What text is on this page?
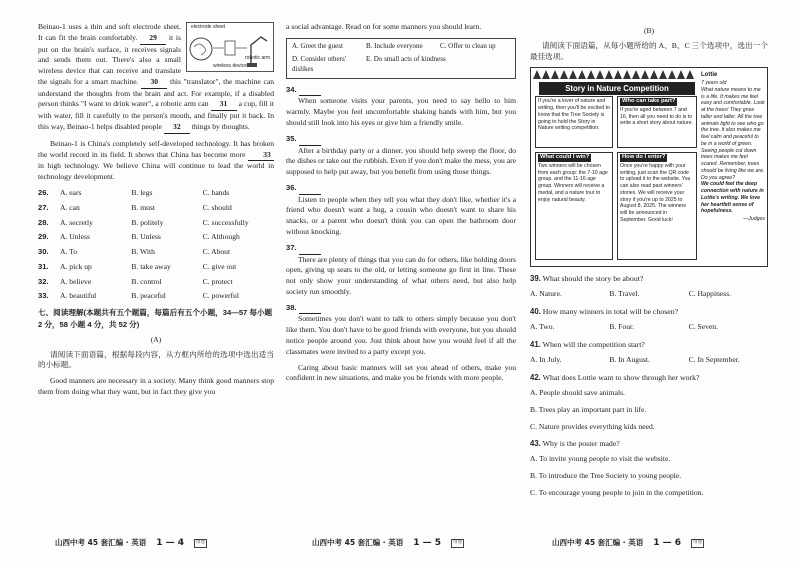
electrode sheet
wireless device
robotic arm

Beinao-1 uses a thin and soft electrode sheet. It can fit the brain comfortably. 29 it is put on the brain's surface, it receives signals and sends them out. There's also a small wireless device that can receive and translate the signals for a smart machine. 30 this "translator", the machine can understand the thoughts from the brain and act. For example, if a disabled person thinks "I want to drink water", a robotic arm can 31 a cup, fill it with water, fill it carefully to the person's mouth, and finally put it back. In this way, Beinao-1 helps disabled people 32 things by thoughts.

Beinao-1 is China's completely self-developed technology. It has broken the world record in its field. It shows that China has become more 33 in high technology. We believe China will continue to lead the world in technology development.

26.	A. ears	B. legs	C. hands
27.	A. can	B. must	C. should
28.	A. secretly	B. politely	C. successfully
29.	A. Unless	B. Unless	C. Although
30.	A. To	B. With	C. About
31.	A. pick up	B. take away	C. give out
32.	A. believe	B. control	C. protect
33.	A. beautiful	B. peaceful	C. powerful
七、阅读理解(本题共有五个题篇，每篇后有五个小题，34—57 每小题 2 分，58 小题 4 分，共 52 分)
(A)

请阅读下面语篇，根据每段内容，从方框内所给的选项中选出适当的小标题。

Good manners are necessary in a society. Many think good manners stop them from doing what they want, but in fact they give you

a social advantage. Read on for some manners you should learn.

A. Greet the guest	B. Include everyone	C. Offer to clean up
D. Consider others' dislikes
E. Do small acts of kindness
34.

When someone visits your parents, you need to say hello to him warmly. Maybe you feel uncomfortable shaking hands with him, but you should still look into his eyes or give him a friendly smile.

35.

After a birthday party or a dinner, you should help sweep the floor, do the dishes or take out the rubbish. Even if you don't make the mess, you are supposed to help put away, but you benefit from using those things.

36.

Listen to people when they tell you what they don't like, whether it's a friend who doesn't want a hug, a cousin who doesn't want to share his snacks, or a parent who doesn't think you can open the bathroom door without knocking.

37.

There are plenty of things that you can do for others, like holding doors open, giving up seats to the old, or letting someone go first in line. These not only show your understanding of what others need, but also help society run smoothly.

38.

Sometimes you don't want to talk to others simply because you don't like them. You don't have to be good friends with everyone, but you should notice people around you. Just think about how you would feel if all the classmates were invited to a party except you.

Caring about basic manners will set you ahead of others, make you confident in new situations, and make you be friends with more people.

(B)

请阅读下面语篇，从每小题所给的 A、B、C 三个选项中，选出一个最佳选项。

Story in Nature Competition
If you're a lover of nature and writing, then you'll be excited to know that the Tree Society is going to hold the Story in Nature writing competition.
Who can take part?
If you're aged between 7 and 16, then all you need to do is to write a short story about nature.
What could I win?
Two winners will be chosen from each group: the 7-10 age group, and the 11-16 age group. Winners will receive a medal, and a nature tour to enjoy natural beauty.
How do I enter?
Once you're happy with your writing, just scan the QR code to upload it to the website. You can also read past winners' stories. We will receive your story if you're up to 2025 to August 8, 2025. The winners will be announced in September. Good luck!
Lottie
7 years old
What nature means to me is a life. It makes me feel easy and comfortable. Look at the trees! They grow taller and taller. All the tree animals light to see who go the tree. It also makes me feel calm and peaceful to be in a world of green. Seeing people cut down trees makes me feel scared. Remember, trees should be living like we are. Do you agree?
We could feel the deep connection with nature in Lottie's writing. We love her heartfelt sense of hopefulness.
—Judges
39. What should the story be about?
A. Nature.	B. Travel.	C. Happiness.
40. How many winners in total will be chosen?
A. Two.	B. Four.	C. Seven.
41. When will the competition start?
A. In July.	B. In August.	C. In September.
42. What does Lottie want to show through her work?
A. People should save animals.
B. Trees play an important part in life.
C. Nature provides everything kids need.
43. Why is the poster made?
A. To invite young people to visit the website.
B. To introduce the Tree Society to young people.
C. To encourage young people to join in the competition.
山西中考 45 套汇编 · 英语 1 — 4	母卷	山西中考 45 套汇编 · 英语 1 — 5	母卷	山西中考 45 套汇编 · 英语 1 — 6	母卷
